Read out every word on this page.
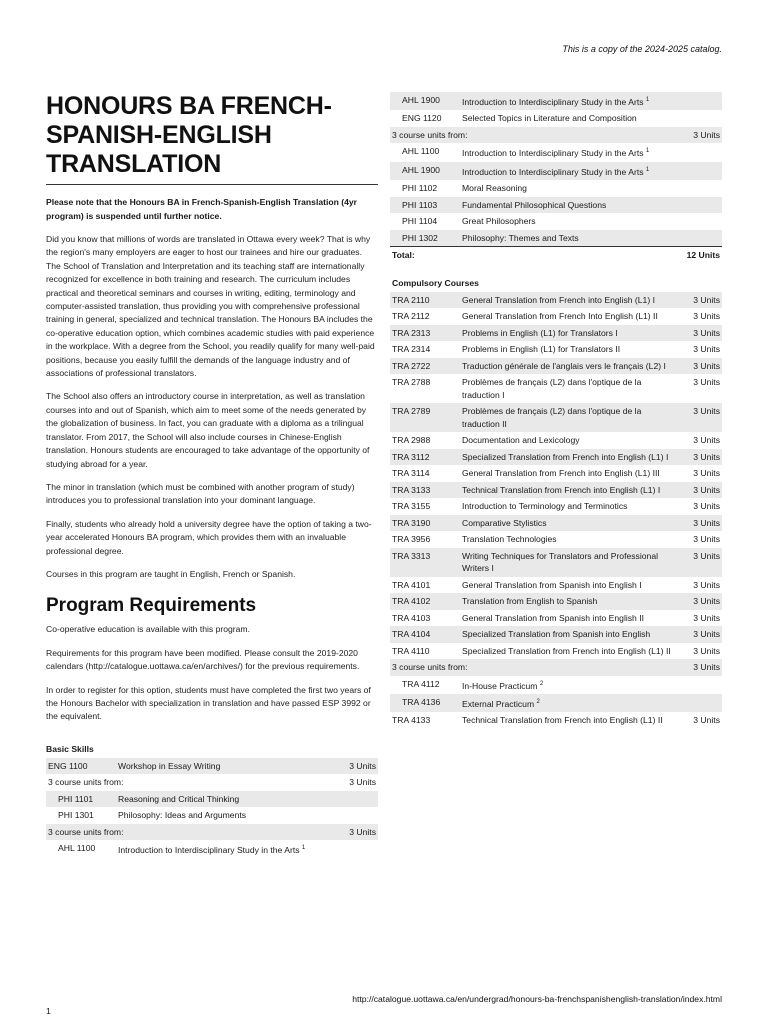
This is a copy of the 2024-2025 catalog.
HONOURS BA FRENCH-SPANISH-ENGLISH TRANSLATION

Please note that the Honours BA in French-Spanish-English Translation (4yr program) is suspended until further notice.

Did you know that millions of words are translated in Ottawa every week? That is why the region's many employers are eager to host our trainees and hire our graduates. The School of Translation and Interpretation and its teaching staff are internationally recognized for excellence in both training and research. The curriculum includes practical and theoretical seminars and courses in writing, editing, terminology and computer-assisted translation, thus providing you with comprehensive professional training in general, specialized and technical translation. The Honours BA includes the co-operative education option, which combines academic studies with paid experience in the workplace. With a degree from the School, you readily qualify for many well-paid positions, because you easily fulfill the demands of the language industry and of associations of professional translators.

The School also offers an introductory course in interpretation, as well as translation courses into and out of Spanish, which aim to meet some of the needs generated by the globalization of business. In fact, you can graduate with a diploma as a trilingual translator. From 2017, the School will also include courses in Chinese-English translation. Honours students are encouraged to take advantage of the opportunity of studying abroad for a year.

The minor in translation (which must be combined with another program of study) introduces you to professional translation into your dominant language.

Finally, students who already hold a university degree have the option of taking a two-year accelerated Honours BA program, which provides them with an invaluable professional degree.

Courses in this program are taught in English, French or Spanish.

Program Requirements

Co-operative education is available with this program.

Requirements for this program have been modified. Please consult the 2019-2020 calendars (http://catalogue.uottawa.ca/en/archives/) for the previous requirements.

In order to register for this option, students must have completed the first two years of the Honours Bachelor with specialization in translation and have passed ESP 3992 or the equivalent.

Basic Skills
ENG 1100	Workshop in Essay Writing	3 Units
3 course units from:		3 Units
PHI 1101	Reasoning and Critical Thinking	
PHI 1301	Philosophy: Ideas and Arguments	
3 course units from:		3 Units
AHL 1100	Introduction to Interdisciplinary Study in the Arts $^1$	
AHL 1900	Introduction to Interdisciplinary Study in the Arts $^1$	
ENG 1120	Selected Topics in Literature and Composition	
3 course units from:		3 Units
AHL 1100	Introduction to Interdisciplinary Study in the Arts $^1$	
AHL 1900	Introduction to Interdisciplinary Study in the Arts $^1$	
PHI 1102	Moral Reasoning	
PHI 1103	Fundamental Philosophical Questions	
PHI 1104	Great Philosophers	
PHI 1302	Philosophy: Themes and Texts	
Total:		12 Units
Compulsory Courses
TRA 2110	General Translation from French into English (L1) I	3 Units
TRA 2112	General Translation from French Into English (L1) II	3 Units
TRA 2313	Problems in English (L1) for Translators I	3 Units
TRA 2314	Problems in English (L1) for Translators II	3 Units
TRA 2722	Traduction générale de l'anglais vers le français (L2) I	3 Units
TRA 2788	Problèmes de français (L2) dans l'optique de la traduction I	3 Units
TRA 2789	Problèmes de français (L2) dans l'optique de la traduction II	3 Units
TRA 2988	Documentation and Lexicology	3 Units
TRA 3112	Specialized Translation from French into English (L1) I	3 Units
TRA 3114	General Translation from French into English (L1) III	3 Units
TRA 3133	Technical Translation from French into English (L1) I	3 Units
TRA 3155	Introduction to Terminology and Terminotics	3 Units
TRA 3190	Comparative Stylistics	3 Units
TRA 3956	Translation Technologies	3 Units
TRA 3313	Writing Techniques for Translators and Professional Writers I	3 Units
TRA 4101	General Translation from Spanish into English I	3 Units
TRA 4102	Translation from English to Spanish	3 Units
TRA 4103	General Translation from Spanish into English II	3 Units
TRA 4104	Specialized Translation from Spanish into English	3 Units
TRA 4110	Specialized Translation from French into English (L1) II	3 Units
3 course units from:		3 Units
TRA 4112	In-House Practicum $^2$	
TRA 4136	External Practicum $^2$	
TRA 4133	Technical Translation from French into English (L1) II	3 Units
http://catalogue.uottawa.ca/en/undergrad/honours-ba-frenchspanishenglish-translation/index.html
1
